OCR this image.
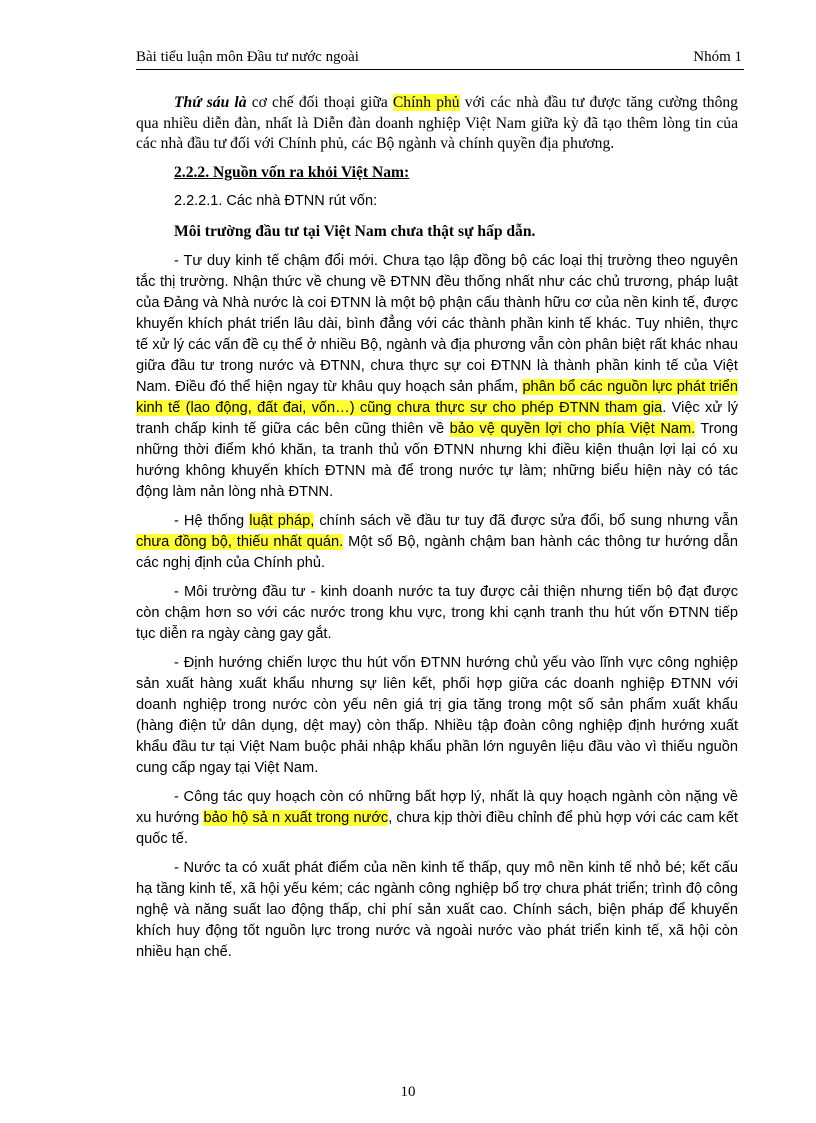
Bài tiểu luận môn Đầu tư nước ngoài	Nhóm 1

Thứ sáu là cơ chế đối thoại giữa Chính phủ với các nhà đầu tư được tăng cường thông qua nhiều diễn đàn, nhất là Diễn đàn doanh nghiệp Việt Nam giữa kỳ đã tạo thêm lòng tin của các nhà đầu tư đối với Chính phủ, các Bộ ngành và chính quyền địa phương.

2.2.2. Nguồn vốn ra khỏi Việt Nam:

2.2.2.1. Các nhà ĐTNN rút vốn:

Môi trường đầu tư tại Việt Nam chưa thật sự hấp dẫn.

- Tư duy kinh tế chậm đổi mới. Chưa tạo lập đồng bộ các loại thị trường theo nguyên tắc thị trường. Nhận thức về chung về ĐTNN đều thống nhất như các chủ trương, pháp luật của Đảng và Nhà nước là coi ĐTNN là một bộ phận cấu thành hữu cơ của nền kinh tế, được khuyến khích phát triển lâu dài, bình đẳng với các thành phần kinh tế khác. Tuy nhiên, thực tế xử lý các vấn đề cụ thể ở nhiều Bộ, ngành và địa phương vẫn còn phân biệt rất khác nhau giữa đầu tư trong nước và ĐTNN, chưa thực sự coi ĐTNN là thành phần kinh tế của Việt Nam. Điều đó thể hiện ngay từ khâu quy hoạch sản phẩm, phân bổ các nguồn lực phát triển kinh tế (lao động, đất đai, vốn…) cũng chưa thực sự cho phép ĐTNN tham gia. Việc xử lý tranh chấp kinh tế giữa các bên cũng thiên về bảo vệ quyền lợi cho phía Việt Nam. Trong những thời điểm khó khăn, ta tranh thủ vốn ĐTNN nhưng khi điều kiện thuận lợi lại có xu hướng không khuyến khích ĐTNN mà để trong nước tự làm; những biểu hiện này có tác động làm nản lòng nhà ĐTNN.

- Hệ thống luật pháp, chính sách về đầu tư tuy đã được sửa đổi, bổ sung nhưng vẫn chưa đồng bộ, thiếu nhất quán. Một số Bộ, ngành chậm ban hành các thông tư hướng dẫn các nghị định của Chính phủ.

- Môi trường đầu tư - kinh doanh nước ta tuy được cải thiện nhưng tiến bộ đạt được còn chậm hơn so với các nước trong khu vực, trong khi cạnh tranh thu hút vốn ĐTNN tiếp tục diễn ra ngày càng gay gắt.

- Định hướng chiến lược thu hút vốn ĐTNN hướng chủ yếu vào lĩnh vực công nghiệp sản xuất hàng xuất khẩu nhưng sự liên kết, phối hợp giữa các doanh nghiệp ĐTNN với doanh nghiệp trong nước còn yếu nên giá trị gia tăng trong một số sản phẩm xuất khẩu (hàng điện tử dân dụng, dệt may) còn thấp. Nhiều tập đoàn công nghiệp định hướng xuất khẩu đầu tư tại Việt Nam buộc phải nhập khẩu phần lớn nguyên liệu đầu vào vì thiếu nguồn cung cấp ngay tại Việt Nam.

- Công tác quy hoạch còn có những bất hợp lý, nhất là quy hoạch ngành còn nặng về xu hướng bảo hộ sả n xuất trong nước, chưa kịp thời điều chỉnh để phù hợp với các cam kết quốc tế.

- Nước ta có xuất phát điểm của nền kinh tế thấp, quy mô nền kinh tế nhỏ bé; kết cấu hạ tầng kinh tế, xã hội yếu kém; các ngành công nghiệp bổ trợ chưa phát triển; trình độ công nghệ và năng suất lao động thấp, chi phí sản xuất cao. Chính sách, biện pháp để khuyến khích huy động tốt nguồn lực trong nước và ngoài nước vào phát triển kinh tế, xã hội còn nhiều hạn chế.

10
